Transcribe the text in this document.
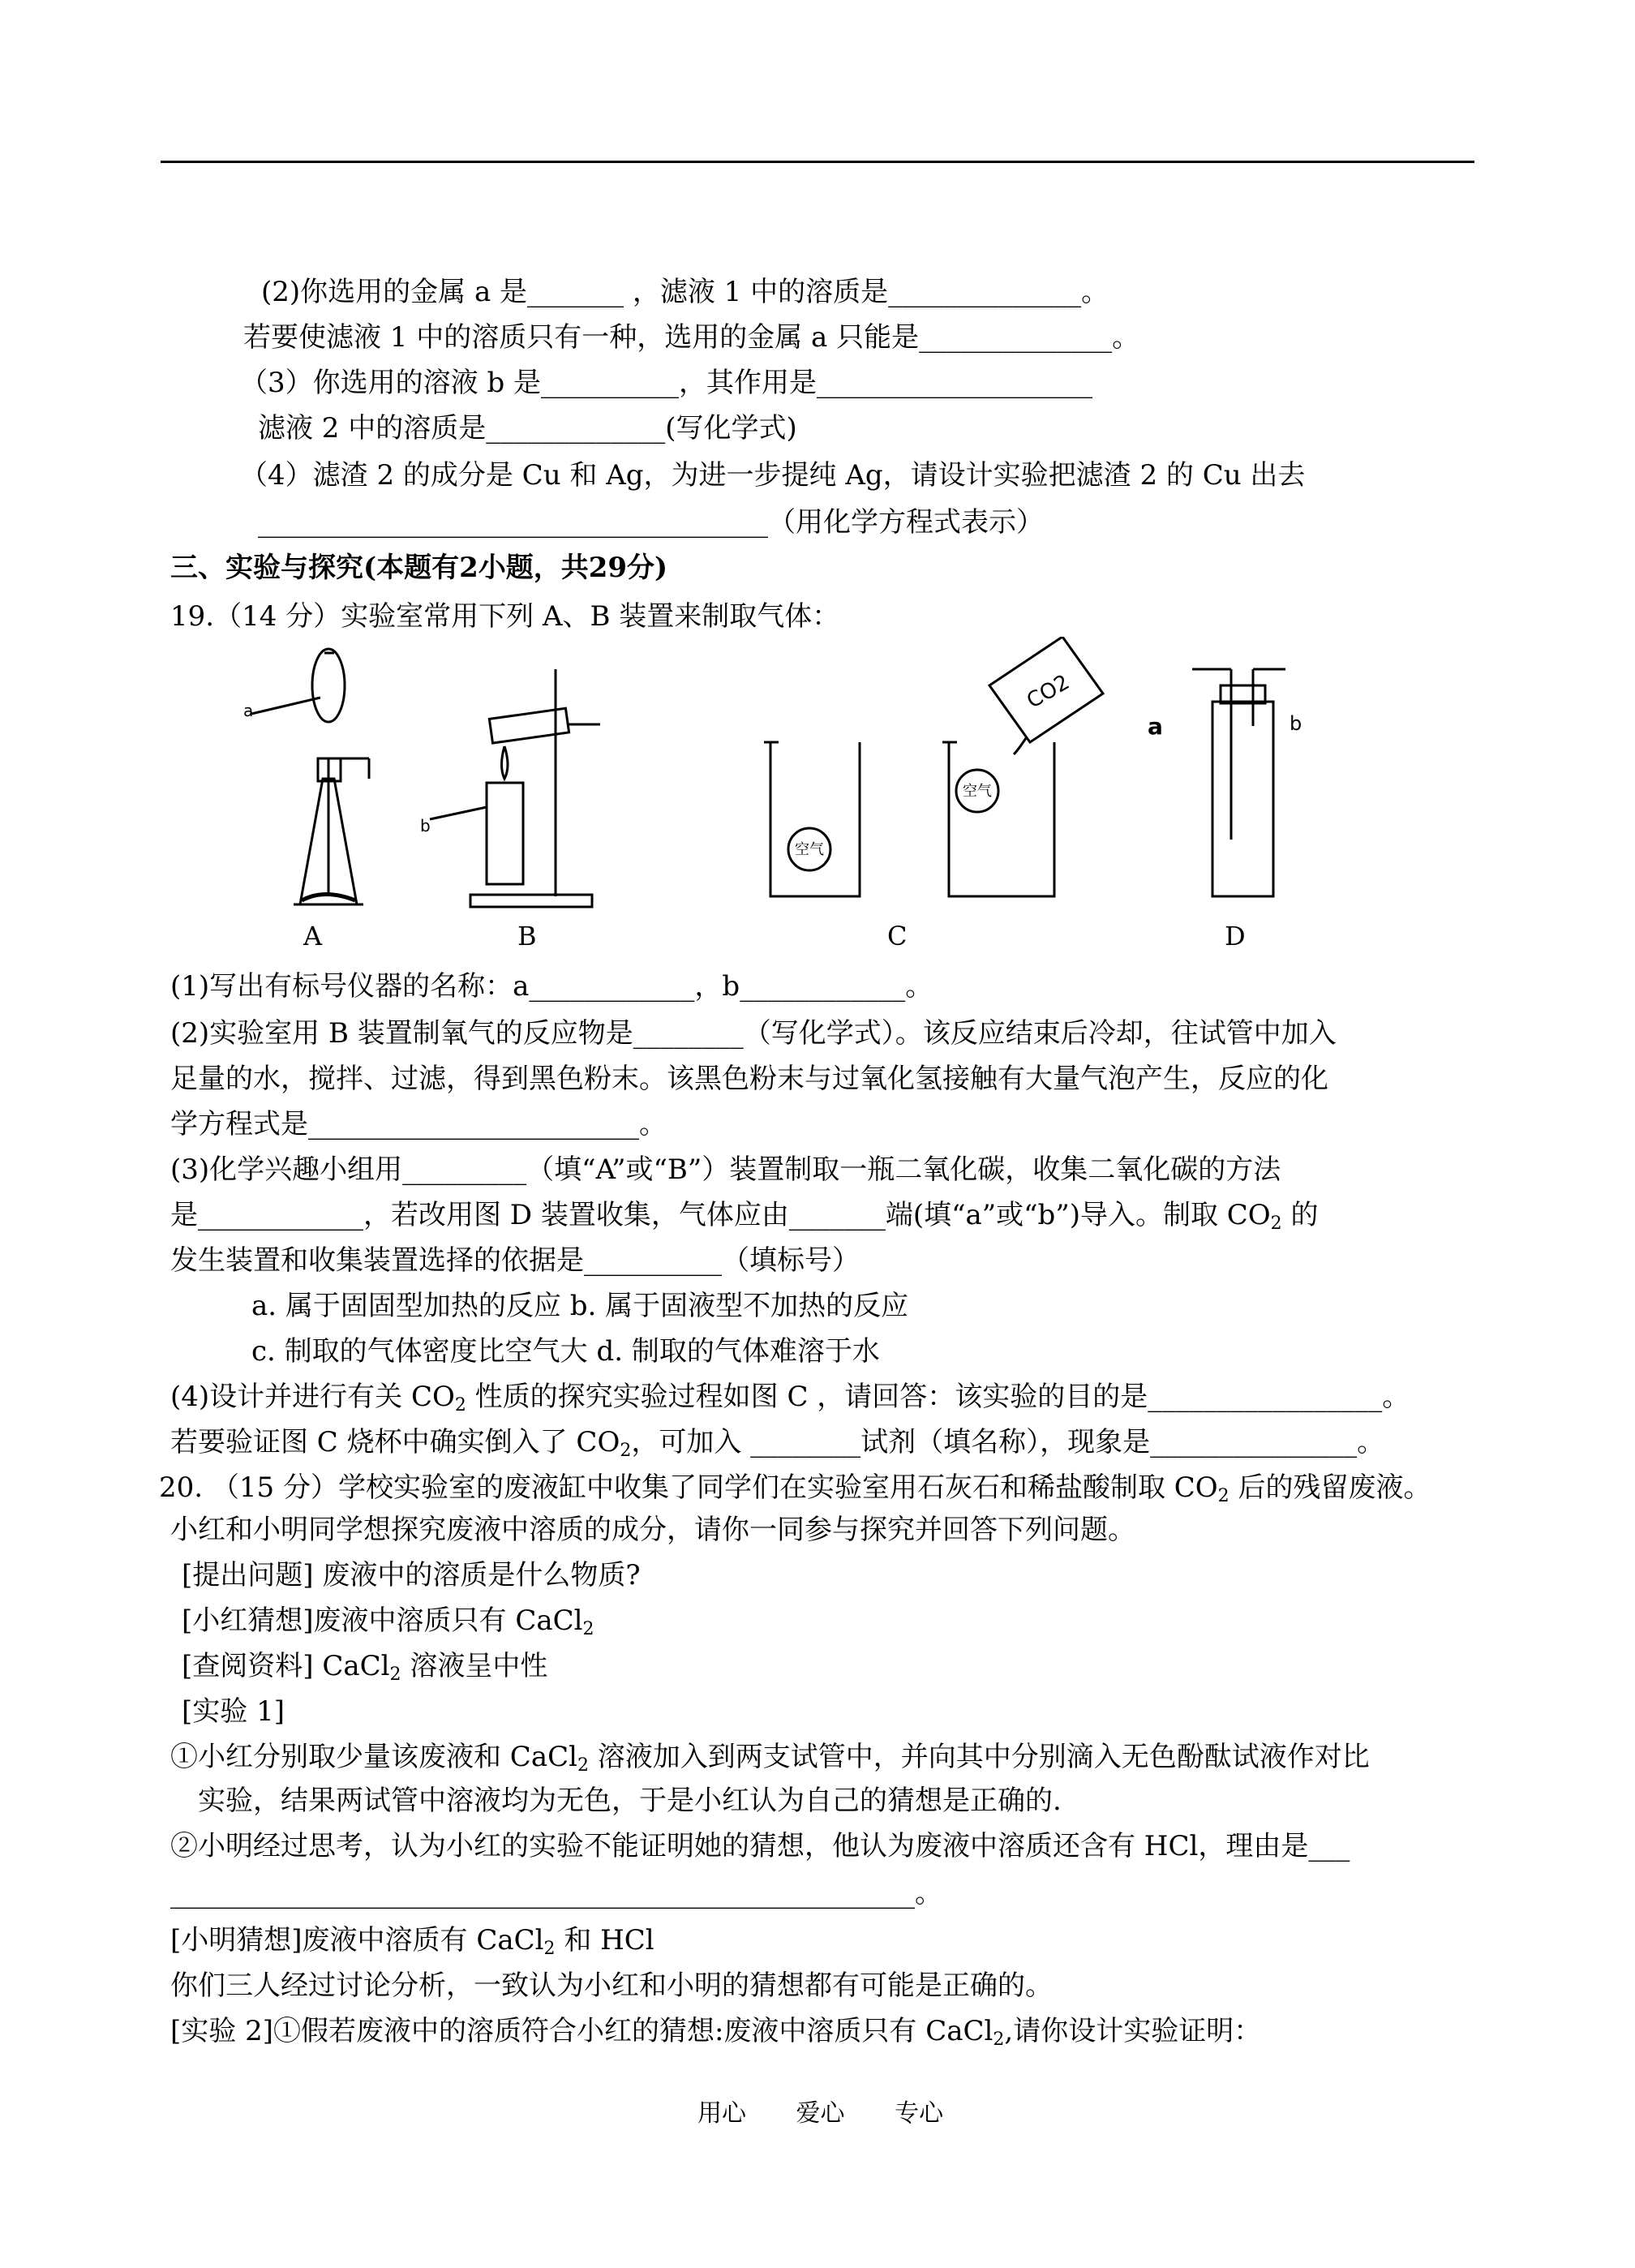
(2)你选用的金属 a 是_______ ，滤液 1 中的溶质是______________。
若要使滤液 1 中的溶质只有一种，选用的金属 a 只能是______________。
（3）你选用的溶液 b 是__________，其作用是____________________
滤液 2 中的溶质是_____________(写化学式)
（4）滤渣 2 的成分是 Cu 和 Ag，为进一步提纯 Ag，请设计实验把滤渣 2 的 Cu 出去
_____________________________________（用化学方程式表示）
三、实验与探究(本题有2小题，共29分)
19.（14 分）实验室常用下列 A、B 装置来制取气体：
a
b
CO2
空气
空气
a	b
A	B	C	D
(1)写出有标号仪器的名称：a____________，b____________。
(2)实验室用 B 装置制氧气的反应物是________（写化学式）。该反应结束后冷却，往试管中加入
足量的水，搅拌、过滤，得到黑色粉末。该黑色粉末与过氧化氢接触有大量气泡产生，反应的化
学方程式是________________________。
(3)化学兴趣小组用_________（填“A”或“B”）装置制取一瓶二氧化碳，收集二氧化碳的方法
是____________，若改用图 D 装置收集，气体应由_______端(填“a”或“b”)导入。制取 $CO_2$ 的
发生装置和收集装置选择的依据是__________（填标号）
a. 属于固固型加热的反应 b. 属于固液型不加热的反应
c. 制取的气体密度比空气大 d. 制取的气体难溶于水
(4)设计并进行有关 $CO_2$ 性质的探究实验过程如图 C ，请回答：该实验的目的是_________________。
若要验证图 C 烧杯中确实倒入了 $CO_2$，可加入 ________试剂（填名称），现象是_______________。
20. （15 分）学校实验室的废液缸中收集了同学们在实验室用石灰石和稀盐酸制取 $CO_2$ 后的残留废液。
小红和小明同学想探究废液中溶质的成分，请你一同参与探究并回答下列问题。
[提出问题] 废液中的溶质是什么物质?
[小红猜想]废液中溶质只有 CaCl$_2$
[查阅资料] CaCl$_2$ 溶液呈中性
[实验 1]
①小红分别取少量该废液和 CaCl$_2$ 溶液加入到两支试管中，并向其中分别滴入无色酚酞试液作对比
实验，结果两试管中溶液均为无色，于是小红认为自己的猜想是正确的.
②小明经过思考，认为小红的实验不能证明她的猜想，他认为废液中溶质还含有 HCl，理由是___
______________________________________________________。
[小明猜想]废液中溶质有 CaCl$_2$ 和 HCl
你们三人经过讨论分析，一致认为小红和小明的猜想都有可能是正确的。
[实验 2]①假若废液中的溶质符合小红的猜想:废液中溶质只有 CaCl$_2$,请你设计实验证明：
用心 爱心 专心
